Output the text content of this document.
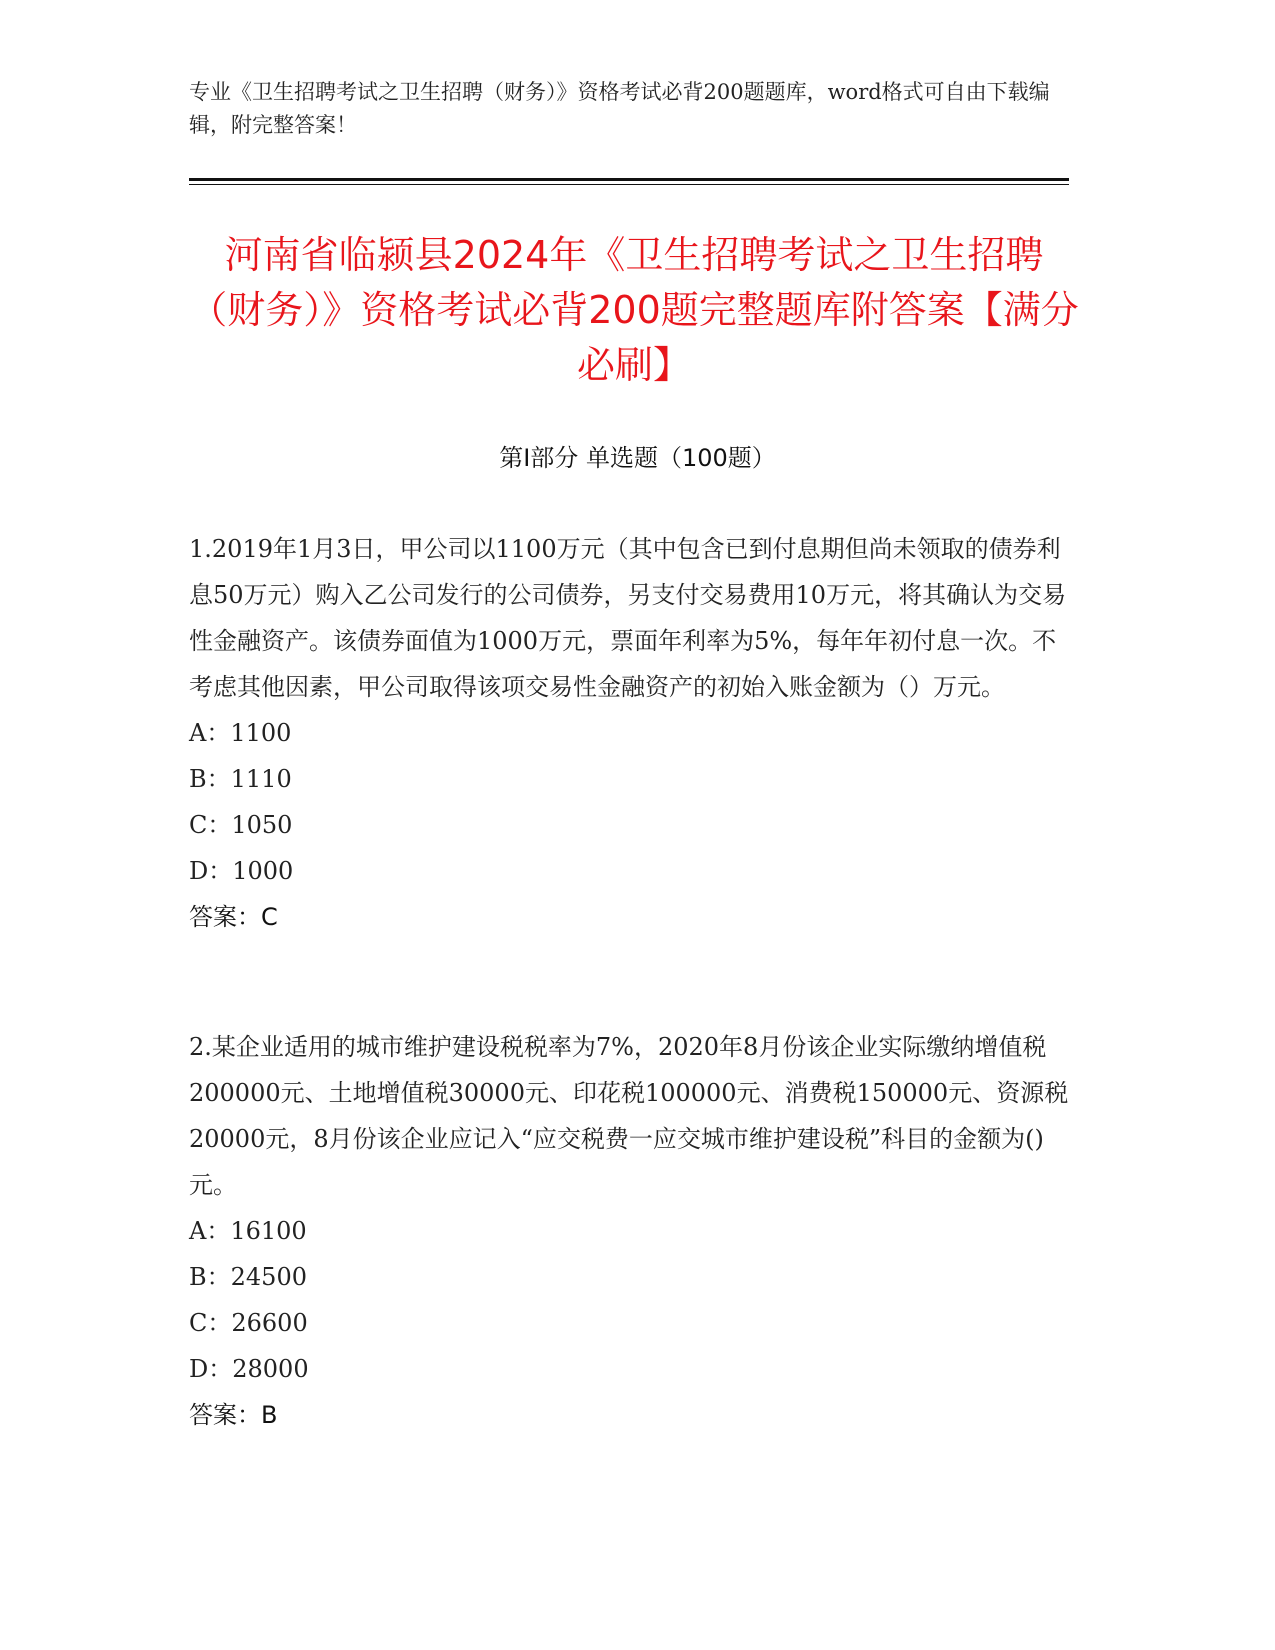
专业《卫生招聘考试之卫生招聘（财务）》资格考试必背200题题库，word格式可自由下载编辑，附完整答案！
河南省临颍县2024年《卫生招聘考试之卫生招聘（财务）》资格考试必背200题完整题库附答案【满分必刷】
第I部分 单选题（100题）
1.2019年1月3日，甲公司以1100万元（其中包含已到付息期但尚未领取的债券利息50万元）购入乙公司发行的公司债券，另支付交易费用10万元，将其确认为交易性金融资产。该债券面值为1000万元，票面年利率为5%，每年年初付息一次。不考虑其他因素，甲公司取得该项交易性金融资产的初始入账金额为（）万元。
A：1100
B：1110
C：1050
D：1000
答案：C
2.某企业适用的城市维护建设税税率为7%，2020年8月份该企业实际缴纳增值税200000元、土地增值税30000元、印花税100000元、消费税150000元、资源税20000元，8月份该企业应记入“应交税费一应交城市维护建设税”科目的金额为()元。
A：16100
B：24500
C：26600
D：28000
答案：B
